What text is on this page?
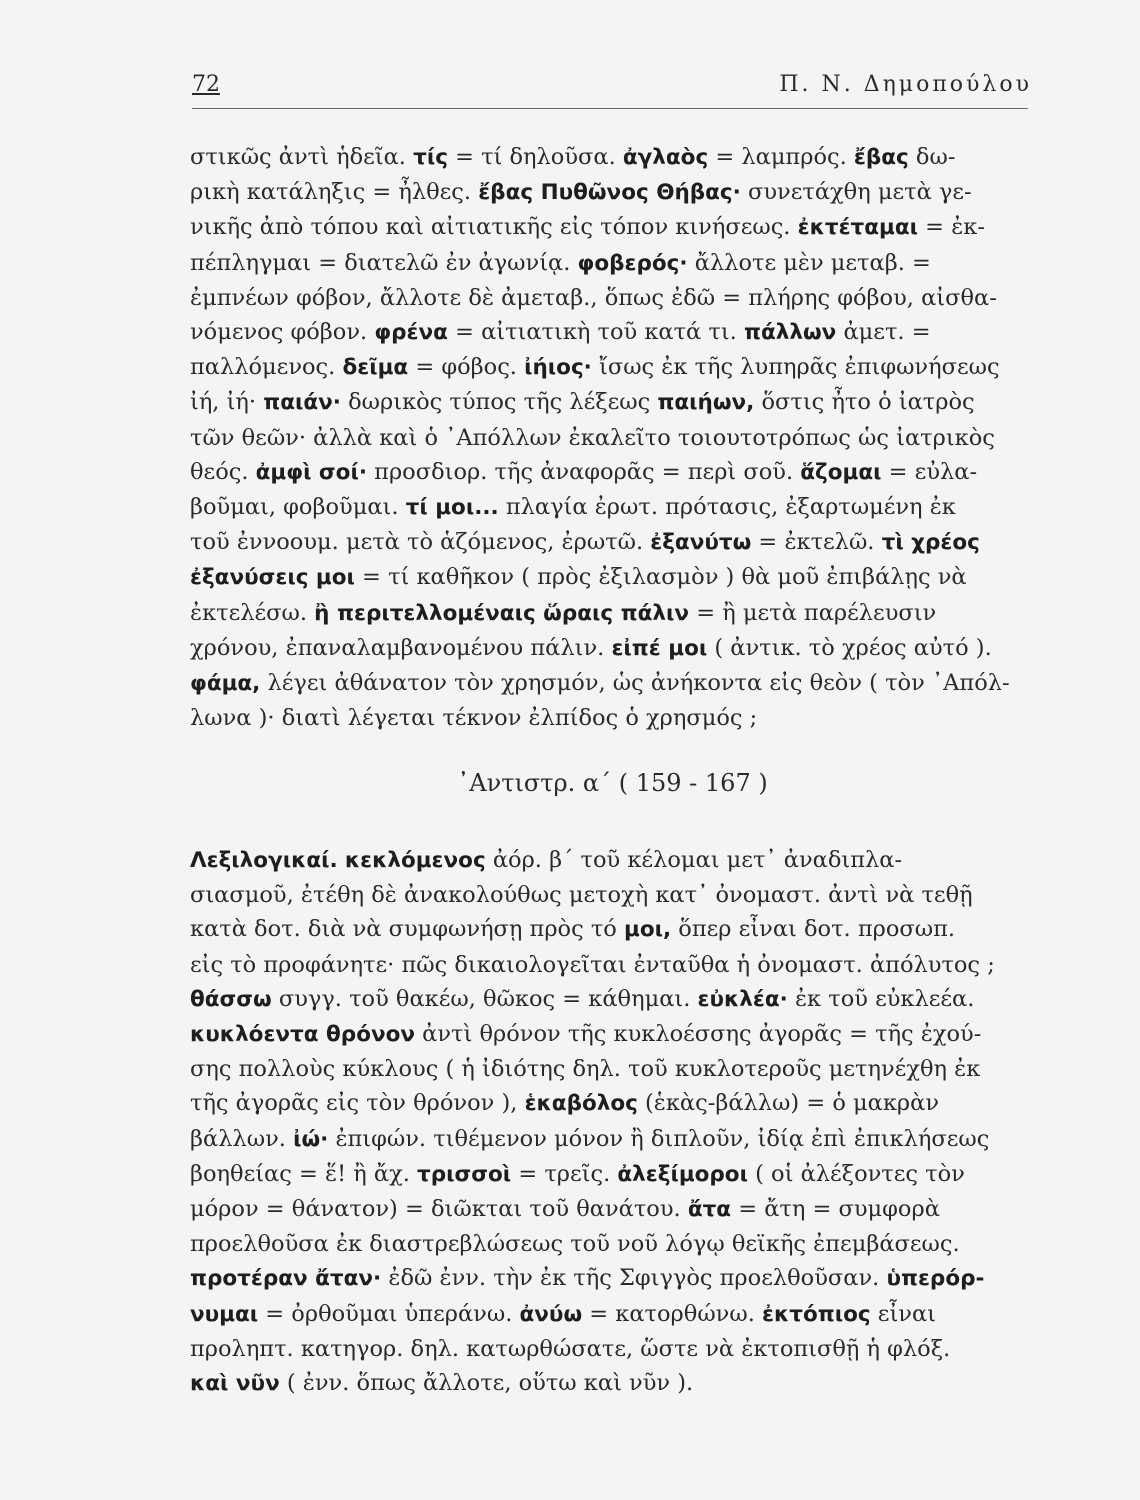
72	Π. Ν. Δημοπούλου
στικῶς ἀντὶ ἡδεῖα. τίς = τί δηλοῦσα. ἀγλαὸς = λαμπρός. ἔβας δω-
ρικὴ κατάληξις = ἦλθες. ἔβας Πυθῶνος Θήβας· συνετάχθη μετὰ γε-
νικῆς ἀπὸ τόπου καὶ αἰτιατικῆς εἰς τόπον κινήσεως. ἐκτέταμαι = ἐκ-
πέπληγμαι = διατελῶ ἐν ἀγωνίᾳ. φοβερός· ἄλλοτε μὲν μεταβ. =
ἐμπνέων φόβον, ἄλλοτε δὲ ἀμεταβ., ὅπως ἐδῶ = πλήρης φόβου, αἰσθα-
νόμενος φόβον. φρένα = αἰτιατικὴ τοῦ κατά τι. πάλλων ἀμετ. =
παλλόμενος. δεῖμα = φόβος. ἰήιος· ἴσως ἐκ τῆς λυπηρᾶς ἐπιφωνήσεως
ἰή, ἰή· παιάν· δωρικὸς τύπος τῆς λέξεως παιήων, ὅστις ἦτο ὁ ἰατρὸς
τῶν θεῶν· ἀλλὰ καὶ ὁ ᾿Απόλλων ἐκαλεῖτο τοιουτοτρόπως ὡς ἰατρικὸς
θεός. ἀμφὶ σοί· προσδιορ. τῆς ἀναφορᾶς = περὶ σοῦ. ἅζομαι = εὐλα-
βοῦμαι, φοβοῦμαι. τί μοι... πλαγία ἐρωτ. πρότασις, ἐξαρτωμένη ἐκ
τοῦ ἐννοουμ. μετὰ τὸ ἁζόμενος, ἐρωτῶ. ἐξανύτω = ἐκτελῶ. τὶ χρέος
ἐξανύσεις μοι = τί καθῆκον ( πρὸς ἐξιλασμὸν ) θὰ μοῦ ἐπιβάλῃς νὰ
ἐκτελέσω. ἢ περιτελλομέναις ὥραις πάλιν = ἢ μετὰ παρέλευσιν
χρόνου, ἐπαναλαμβανομένου πάλιν. εἰπέ μοι ( ἀντικ. τὸ χρέος αὐτό ).
φάμα, λέγει ἀθάνατον τὸν χρησμόν, ὡς ἀνήκοντα εἰς θεὸν ( τὸν ᾿Απόλ-
λωνα )· διατὶ λέγεται τέκνον ἐλπίδος ὁ χρησμός ;
᾿Αντιστρ. α΄ ( 159 - 167 )
Λεξιλογικαί. κεκλόμενος ἀόρ. β΄ τοῦ κέλομαι μετ᾿ ἀναδιπλα-
σιασμοῦ, ἐτέθη δὲ ἀνακολούθως μετοχὴ κατ᾿ ὀνομαστ. ἀντὶ νὰ τεθῇ
κατὰ δοτ. διὰ νὰ συμφωνήσῃ πρὸς τό μοι, ὅπερ εἶναι δοτ. προσωπ.
εἰς τὸ προφάνητε· πῶς δικαιολογεῖται ἐνταῦθα ἡ ὀνομαστ. ἀπόλυτος ;
θάσσω συγγ. τοῦ θακέω, θῶκος = κάθημαι. εὐκλέα· ἐκ τοῦ εὐκλεέα.
κυκλόεντα θρόνον ἀντὶ θρόνον τῆς κυκλοέσσης ἀγορᾶς = τῆς ἐχού-
σης πολλοὺς κύκλους ( ἡ ἰδιότης δηλ. τοῦ κυκλοτεροῦς μετηνέχθη ἐκ
τῆς ἀγορᾶς εἰς τὸν θρόνον ), ἑκαβόλος (ἑκὰς-βάλλω) = ὁ μακρὰν
βάλλων. ἰώ· ἐπιφών. τιθέμενον μόνον ἢ διπλοῦν, ἰδίᾳ ἐπὶ ἐπικλήσεως
βοηθείας = ἕ! ἢ ἄχ. τρισσοὶ = τρεῖς. ἀλεξίμοροι ( οἱ ἀλέξοντες τὸν
μόρον = θάνατον) = διῶκται τοῦ θανάτου. ἄτα = ἄτη = συμφορὰ
προελθοῦσα ἐκ διαστρεβλώσεως τοῦ νοῦ λόγῳ θεϊκῆς ἐπεμβάσεως.
προτέραν ἄταν· ἐδῶ ἐνν. τὴν ἐκ τῆς Σφιγγὸς προελθοῦσαν. ὑπερόρ-
νυμαι = ὀρθοῦμαι ὑπεράνω. ἀνύω = κατορθώνω. ἐκτόπιος εἶναι
προληπτ. κατηγορ. δηλ. κατωρθώσατε, ὥστε νὰ ἐκτοπισθῇ ἡ φλόξ.
καὶ νῦν ( ἐνν. ὅπως ἄλλοτε, οὕτω καὶ νῦν ).
